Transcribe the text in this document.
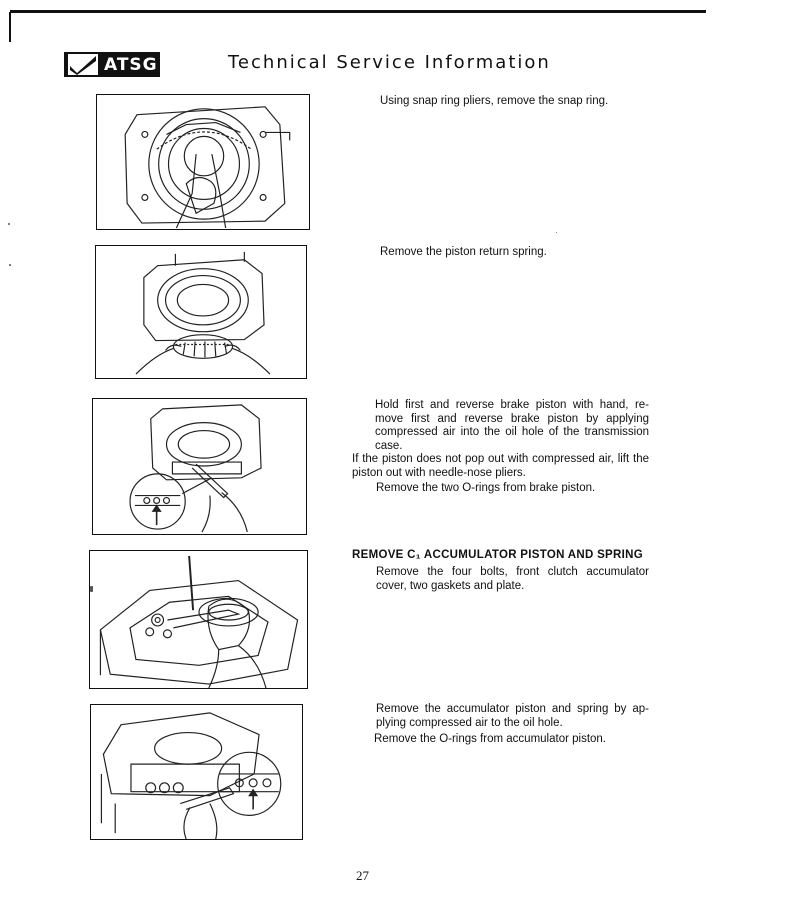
ATSG	Technical Service Information
Using snap ring pliers, remove the snap ring.
Remove the piston return spring.
Hold first and reverse brake piston with hand, re-move first and reverse brake piston by applying compressed air into the oil hole of the transmission case.
If the piston does not pop out with compressed air, lift the piston out with needle-nose pliers.
Remove the two O-rings from brake piston.
REMOVE C₁ ACCUMULATOR PISTON AND SPRING
Remove the four bolts, front clutch accumulator cover, two gaskets and plate.
Remove the accumulator piston and spring by ap-plying compressed air to the oil hole.
Remove the O-rings from accumulator piston.
27
